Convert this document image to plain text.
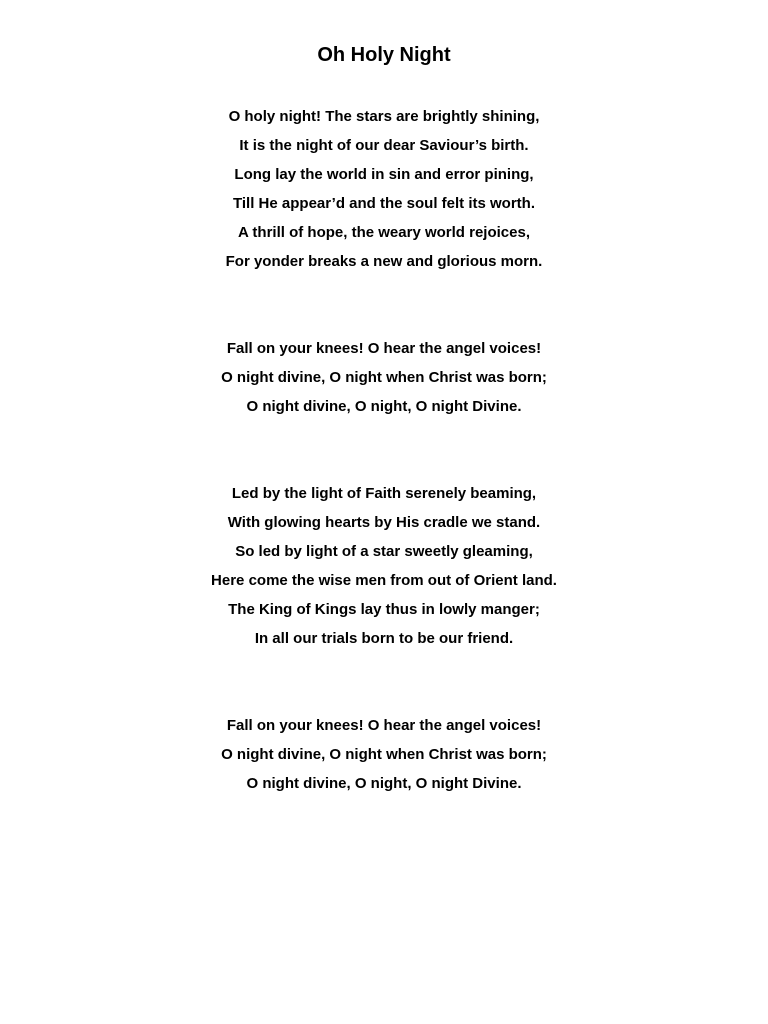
Oh Holy Night
O holy night! The stars are brightly shining,
It is the night of our dear Saviour’s birth.
Long lay the world in sin and error pining,
Till He appear’d and the soul felt its worth.
A thrill of hope, the weary world rejoices,
For yonder breaks a new and glorious morn.
Fall on your knees! O hear the angel voices!
O night divine, O night when Christ was born;
O night divine, O night, O night Divine.
Led by the light of Faith serenely beaming,
With glowing hearts by His cradle we stand.
So led by light of a star sweetly gleaming,
Here come the wise men from out of Orient land.
The King of Kings lay thus in lowly manger;
In all our trials born to be our friend.
Fall on your knees! O hear the angel voices!
O night divine, O night when Christ was born;
O night divine, O night, O night Divine.
